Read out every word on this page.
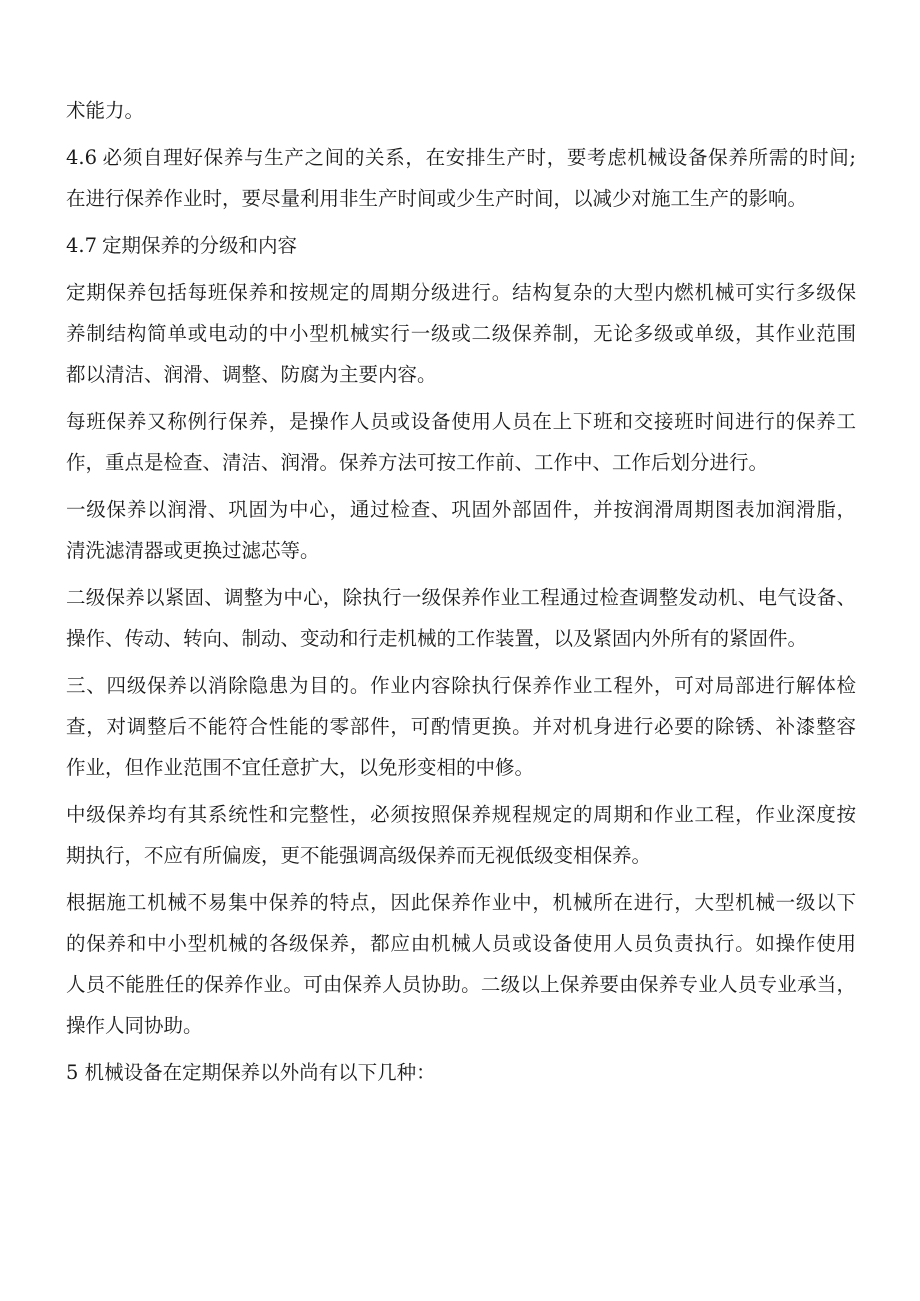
术能力。
4.6 必须自理好保养与生产之间的关系，在安排生产时，要考虑机械设备保养所需的时间;
在进行保养作业时，要尽量利用非生产时间或少生产时间，以减少对施工生产的影响。
4.7 定期保养的分级和内容
定期保养包括每班保养和按规定的周期分级进行。结构复杂的大型内燃机械可实行多级保
养制结构简单或电动的中小型机械实行一级或二级保养制，无论多级或单级，其作业范围
都以清洁、润滑、调整、防腐为主要内容。
每班保养又称例行保养，是操作人员或设备使用人员在上下班和交接班时间进行的保养工
作，重点是检查、清洁、润滑。保养方法可按工作前、工作中、工作后划分进行。
一级保养以润滑、巩固为中心，通过检查、巩固外部固件，并按润滑周期图表加润滑脂，
清洗滤清器或更换过滤芯等。
二级保养以紧固、调整为中心，除执行一级保养作业工程通过检查调整发动机、电气设备、
操作、传动、转向、制动、变动和行走机械的工作装置，以及紧固内外所有的紧固件。
三、四级保养以消除隐患为目的。作业内容除执行保养作业工程外，可对局部进行解体检
查，对调整后不能符合性能的零部件，可酌情更换。并对机身进行必要的除锈、补漆整容
作业，但作业范围不宜任意扩大，以免形变相的中修。
中级保养均有其系统性和完整性，必须按照保养规程规定的周期和作业工程，作业深度按
期执行，不应有所偏废，更不能强调高级保养而无视低级变相保养。
根据施工机械不易集中保养的特点，因此保养作业中，机械所在进行，大型机械一级以下
的保养和中小型机械的各级保养，都应由机械人员或设备使用人员负责执行。如操作使用
人员不能胜任的保养作业。可由保养人员协助。二级以上保养要由保养专业人员专业承当，
操作人同协助。
5 机械设备在定期保养以外尚有以下几种：
